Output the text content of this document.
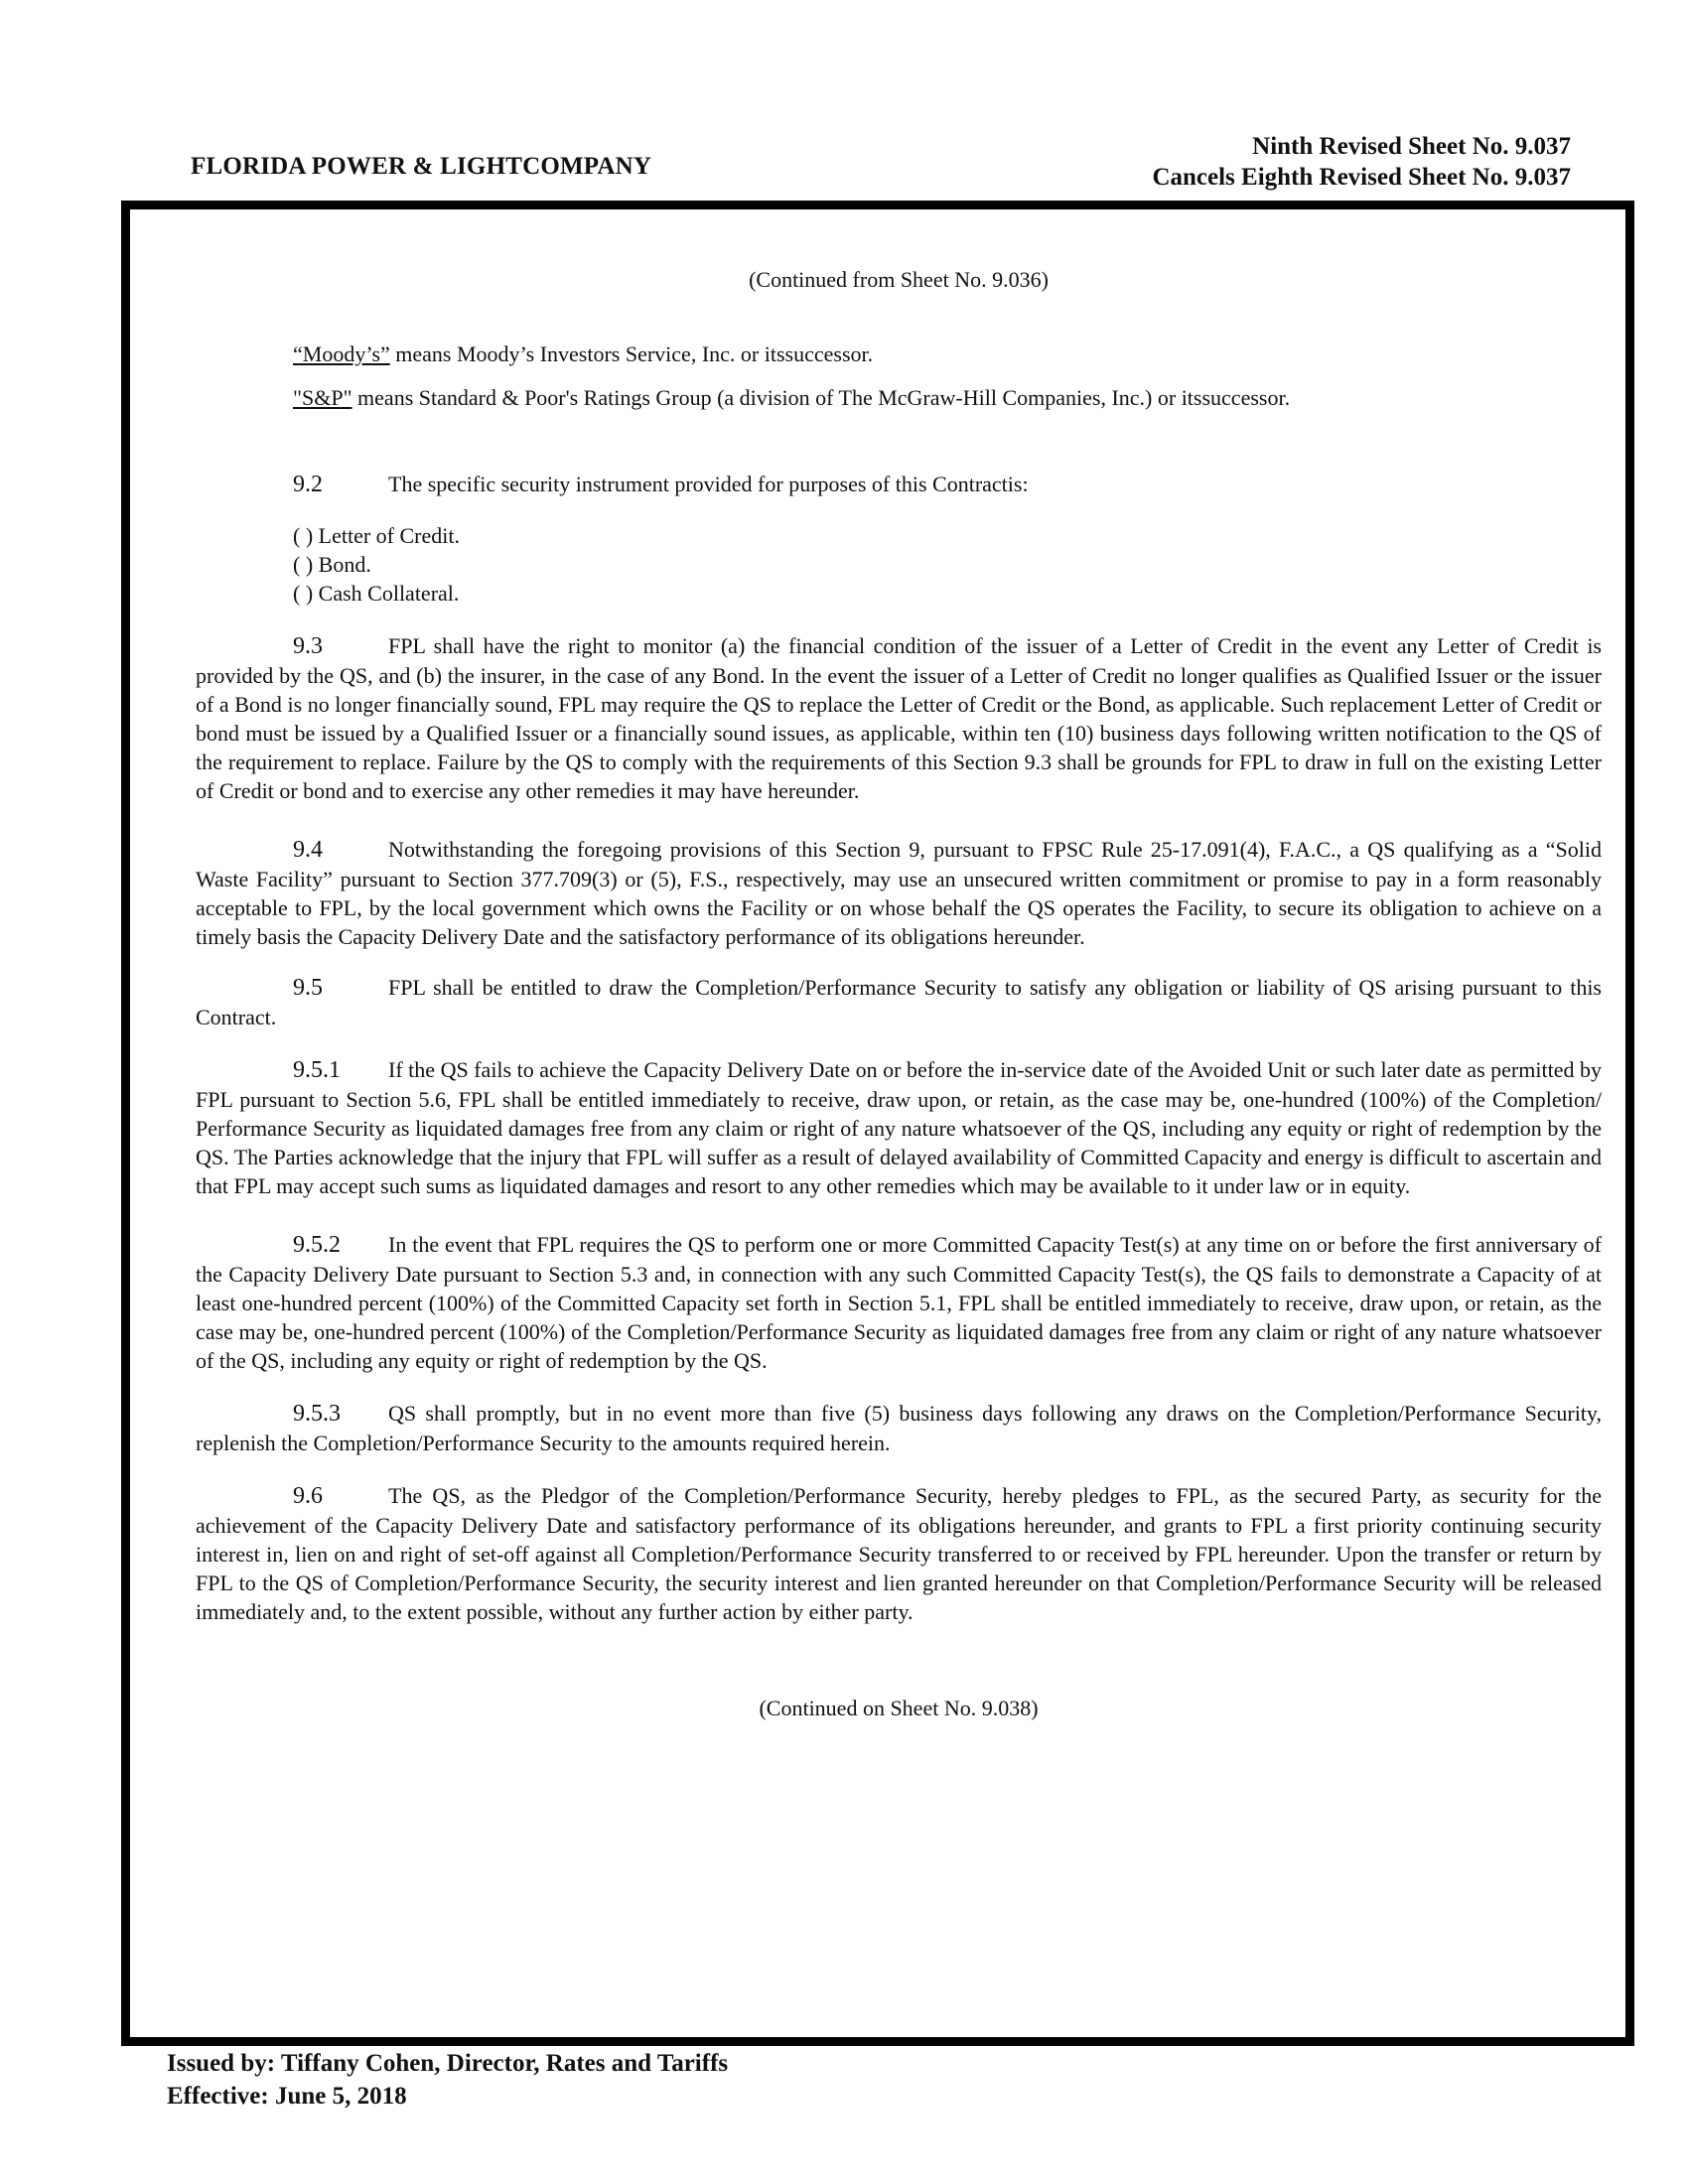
FLORIDA POWER & LIGHTCOMPANY
Ninth Revised Sheet No. 9.037
Cancels Eighth Revised Sheet No. 9.037

(Continued from Sheet No. 9.036)

“Moody’s” means Moody’s Investors Service, Inc. or itssuccessor.

"S&P" means Standard & Poor's Ratings Group (a division of The McGraw-Hill Companies, Inc.) or itssuccessor.

9.2	The specific security instrument provided for purposes of this Contractis:

( ) Letter of Credit.
( ) Bond.
( ) Cash Collateral.

9.3	FPL shall have the right to monitor (a) the financial condition of the issuer of a Letter of Credit in the event any Letter of Credit is provided by the QS, and (b) the insurer, in the case of any Bond. In the event the issuer of a Letter of Credit no longer qualifies as Qualified Issuer or the issuer of a Bond is no longer financially sound, FPL may require the QS to replace the Letter of Credit or the Bond, as applicable. Such replacement Letter of Credit or bond must be issued by a Qualified Issuer or a financially sound issues, as applicable, within ten (10) business days following written notification to the QS of the requirement to replace. Failure by the QS to comply with the requirements of this Section 9.3 shall be grounds for FPL to draw in full on the existing Letter of Credit or bond and to exercise any other remedies it may have hereunder.

9.4	Notwithstanding the foregoing provisions of this Section 9, pursuant to FPSC Rule 25-17.091(4), F.A.C., a QS qualifying as a “Solid Waste Facility” pursuant to Section 377.709(3) or (5), F.S., respectively, may use an unsecured written commitment or promise to pay in a form reasonably acceptable to FPL, by the local government which owns the Facility or on whose behalf the QS operates the Facility, to secure its obligation to achieve on a timely basis the Capacity Delivery Date and the satisfactory performance of its obligations hereunder.

9.5	FPL shall be entitled to draw the Completion/Performance Security to satisfy any obligation or liability of QS arising pursuant to this Contract.

9.5.1 If the QS fails to achieve the Capacity Delivery Date on or before the in-service date of the Avoided Unit or such later date as permitted by FPL pursuant to Section 5.6, FPL shall be entitled immediately to receive, draw upon, or retain, as the case may be, one-hundred (100%) of the Completion/ Performance Security as liquidated damages free from any claim or right of any nature whatsoever of the QS, including any equity or right of redemption by the QS. The Parties acknowledge that the injury that FPL will suffer as a result of delayed availability of Committed Capacity and energy is difficult to ascertain and that FPL may accept such sums as liquidated damages and resort to any other remedies which may be available to it under law or in equity.

9.5.2 In the event that FPL requires the QS to perform one or more Committed Capacity Test(s) at any time on or before the first anniversary of the Capacity Delivery Date pursuant to Section 5.3 and, in connection with any such Committed Capacity Test(s), the QS fails to demonstrate a Capacity of at least one-hundred percent (100%) of the Committed Capacity set forth in Section 5.1, FPL shall be entitled immediately to receive, draw upon, or retain, as the case may be, one-hundred percent (100%) of the Completion/Performance Security as liquidated damages free from any claim or right of any nature whatsoever of the QS, including any equity or right of redemption by the QS.

9.5.3 QS shall promptly, but in no event more than five (5) business days following any draws on the Completion/Performance Security, replenish the Completion/Performance Security to the amounts required herein.

9.6	The QS, as the Pledgor of the Completion/Performance Security, hereby pledges to FPL, as the secured Party, as security for the achievement of the Capacity Delivery Date and satisfactory performance of its obligations hereunder, and grants to FPL a first priority continuing security interest in, lien on and right of set-off against all Completion/Performance Security transferred to or received by FPL hereunder. Upon the transfer or return by FPL to the QS of Completion/Performance Security, the security interest and lien granted hereunder on that Completion/Performance Security will be released immediately and, to the extent possible, without any further action by either party.

(Continued on Sheet No. 9.038)

Issued by: Tiffany Cohen, Director, Rates and Tariffs
Effective: June 5, 2018
